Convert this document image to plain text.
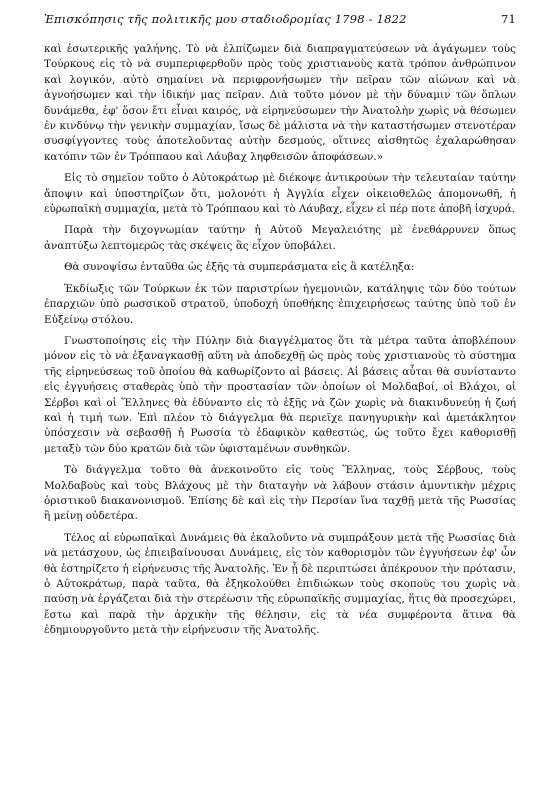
Ἐπισκόπησις τῆς πολιτικῆς μου σταδιοδρομίας 1798 - 1822	71

καὶ ἐσωτερικῆς γαλήνης. Τὸ νὰ ἐλπίζωμεν διὰ διαπραγματεύσεων νὰ ἀγάγωμεν τοὺς Τούρκους εἰς τὸ νὰ συμπεριφερθοῦν πρὸς τοὺς χριστιανοὺς κατὰ τρόπον ἀνθρώπινον καὶ λογικόν, αὐτὸ σημαίνει νὰ περιφρονήσωμεν τὴν πεῖραν τῶν αἰώνων καὶ νὰ ἀγνοήσωμεν καὶ τὴν ἰδικήν μας πεῖραν. Διὰ τοῦτο μόνον μὲ τὴν δύναμιν τῶν ὅπλων δυνάμεθα, ἐφ' ὅσον ἔτι εἶναι καιρός, νὰ εἰρηνεύσωμεν τὴν Ἀνατολὴν χωρὶς νὰ θέσωμεν ἐν κινδύνῳ τὴν γενικὴν συμμαχίαν, ἴσως δὲ μάλιστα νὰ τὴν καταστήσωμεν στενοτέραν συσφίγγοντες τοὺς ἀποτελοῦντας αὐτὴν δεσμούς, οἵτινες αἰσθητῶς ἐχαλαρώθησαν κατόπιν τῶν ἐν Τρόππαου καὶ Λάυβαχ ληφθεισῶν ἀποφάσεων.»

Εἰς τὸ σημεῖον τοῦτο ὁ Αὐτοκράτωρ μὲ διέκοψε ἀντικρούων τὴν τελευταίαν ταύτην ἄποψιν καὶ ὑποστηρίζων ὅτι, μολονότι ἡ Ἀγγλία εἶχεν οἰκειοθελῶς ἀπομονωθῆ, ἡ εὐρωπαϊκὴ συμμαχία, μετὰ τὸ Τρόππαου καὶ τὸ Λάυβαχ, εἶχεν εἰ πέρ ποτε ἀποβῆ ἰσχυρά.

Παρὰ τὴν διχογνωμίαν ταύτην ἡ Αὐτοῦ Μεγαλειότης μὲ ἐνεθάρρυνεν ὅπως ἀναπτύξω λεπτομερῶς τὰς σκέψεις ἃς εἶχον ὑποβάλει.

Θὰ συνοψίσω ἐνταῦθα ὡς ἑξῆς τὰ συμπεράσματα εἰς ἃ κατέληξα:

Ἐκδίωξις τῶν Τούρκων ἐκ τῶν παριστρίων ἡγεμονιῶν, κατάληψις τῶν δύο τούτων ἐπαρχιῶν ὑπὸ ρωσσικοῦ στρατοῦ, ὑποδοχή ὑποθήκης ἐπιχειρήσεως ταύτης ὑπὸ τοῦ ἐν Εὐξείνῳ στόλου.

Γνωστοποίησις εἰς τὴν Πύλην διὰ διαγγέλματος ὅτι τὰ μέτρα ταῦτα ἀποβλέπουν μόνον εἰς τὸ νὰ ἐξαναγκασθῇ αὕτη νὰ ἀποδεχθῇ ὡς πρὸς τοὺς χριστιανοὺς τὸ σύστημα τῆς εἰρηνεύσεως τοῦ ὁποίου θὰ καθωρίζοντο αἱ βάσεις. Αἱ βάσεις αὗται θὰ συνίσταντο εἰς ἐγγυήσεις σταθερὰς ὑπὸ τὴν προστασίαν τῶν ὁποίων οἱ Μολδαβοί, οἱ Βλάχοι, οἱ Σέρβοι καὶ οἱ Ἕλληνες θὰ ἐδύναντο εἰς τὸ ἑξῆς νὰ ζῶν χωρὶς νὰ διακινδυνεύῃ ἡ ζωή καὶ ἡ τιμή των. Ἐπὶ πλέον τὸ διάγγελμα θὰ περιεῖχε πανηγυρικὴν καὶ ἀμετάκλητον ὑπόσχεσιν νὰ σεβασθῇ ἡ Ρωσσία τὸ ἐδαφικὸν καθεστώς, ὡς τοῦτο ἔχει καθορισθῇ μεταξὺ τῶν δύο κρατῶν διὰ τῶν ὑφισταμένων συνθηκῶν.

Τὸ διάγγελμα τοῦτο θὰ ἀνεκοινοῦτο εἰς τοὺς Ἕλληνας, τοὺς Σέρβους, τοὺς Μολδαβοὺς καὶ τοὺς Βλάχους μὲ τὴν διαταγὴν νὰ λάβουν στάσιν ἀμυντικὴν μέχρις ὁριστικοῦ διακανονισμοῦ. Ἐπίσης δὲ καὶ εἰς τὴν Περσίαν ἵνα ταχθῇ μετὰ τῆς Ρωσσίας ἢ μείνῃ οὐδετέρα.

Τέλος αἱ εὐρωπαϊκαὶ Δυνάμεις θὰ ἐκαλοῦντο νὰ συμπράξουν μετὰ τῆς Ρωσσίας διὰ νὰ μετάσχουν, ὡς ἐπιειβαίνουσαι Δυνάμεις, εἰς τὸν καθορισμὸν τῶν ἐγγυήσεων ἐφ' ὧν θὰ ἐστηρίζετο ἡ εἰρήνευσις τῆς Ἀνατολῆς. Ἐν ᾗ δὲ περιπτώσει ἀπέκρουον τὴν πρότασιν, ὁ Αὐτοκράτωρ, παρὰ ταῦτα, θὰ ἐξηκολούθει ἐπιδιώκων τοὺς σκοποὺς του χωρὶς νὰ παύσῃ νὰ ἐργάζεται διὰ τὴν στερέωσιν τῆς εὐρωπαϊκῆς συμμαχίας, ἥτις θὰ προσεχώρει, ἔστω καὶ παρὰ τὴν ἀρχικὴν τῆς θέλησιν, εἰς τὰ νέα συμφέροντα ἅτινα θὰ ἐδημιουργοῦντο μετὰ τὴν εἰρήνευσιν τῆς Ἀνατολῆς.
